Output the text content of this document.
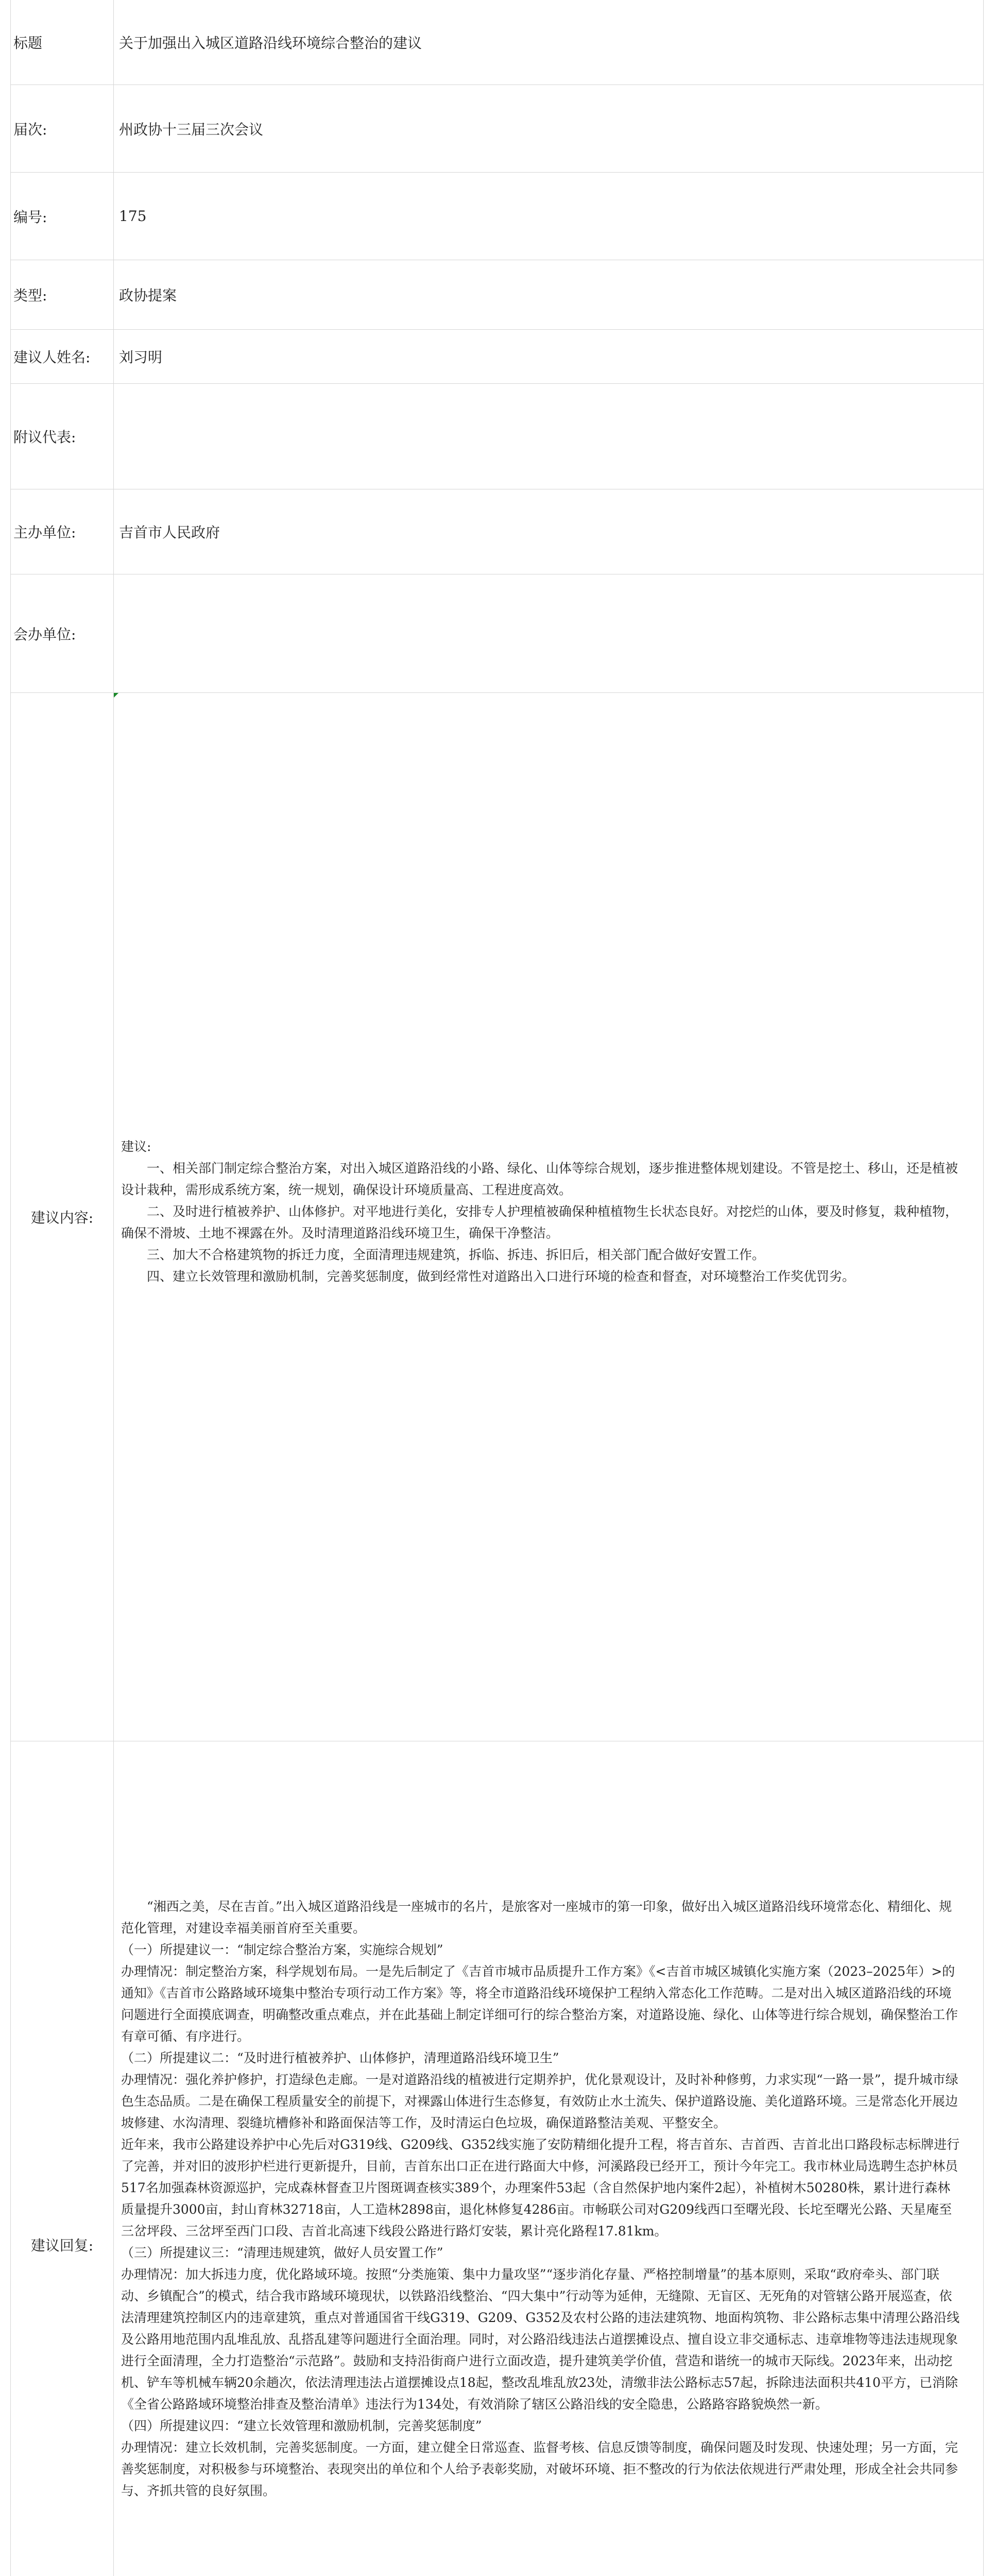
标题	关于加强出入城区道路沿线环境综合整治的建议
届次:	州政协十三届三次会议
编号:	175
类型:	政协提案
建议人姓名:	刘习明
附议代表:
主办单位:	吉首市人民政府
会办单位:
建议内容:

建议:

一、相关部门制定综合整治方案，对出入城区道路沿线的小路、绿化、山体等综合规划，逐步推进整体规划建设。不管是挖土、移山，还是植被设计栽种，需形成系统方案，统一规划，确保设计环境质量高、工程进度高效。

二、及时进行植被养护、山体修护。对平地进行美化，安排专人护理植被确保种植植物生长状态良好。对挖烂的山体，要及时修复，栽种植物，确保不滑坡、土地不裸露在外。及时清理道路沿线环境卫生，确保干净整洁。

三、加大不合格建筑物的拆迁力度，全面清理违规建筑，拆临、拆违、拆旧后，相关部门配合做好安置工作。

四、建立长效管理和激励机制，完善奖惩制度，做到经常性对道路出入口进行环境的检查和督查，对环境整治工作奖优罚劣。

建议回复:

“湘西之美，尽在吉首。”出入城区道路沿线是一座城市的名片，是旅客对一座城市的第一印象，做好出入城区道路沿线环境常态化、精细化、规范化管理，对建设幸福美丽首府至关重要。

（一）所提建议一：“制定综合整治方案，实施综合规划”

办理情况：制定整治方案，科学规划布局。一是先后制定了《吉首市城市品质提升工作方案》《<吉首市城区城镇化实施方案（2023–2025年）>的通知》《吉首市公路路域环境集中整治专项行动工作方案》等，将全市道路沿线环境保护工程纳入常态化工作范畴。二是对出入城区道路沿线的环境问题进行全面摸底调查，明确整改重点难点，并在此基础上制定详细可行的综合整治方案，对道路设施、绿化、山体等进行综合规划，确保整治工作有章可循、有序进行。

（二）所提建议二：“及时进行植被养护、山体修护，清理道路沿线环境卫生”

办理情况：强化养护修护，打造绿色走廊。一是对道路沿线的植被进行定期养护，优化景观设计，及时补种修剪，力求实现“一路一景”，提升城市绿色生态品质。二是在确保工程质量安全的前提下，对裸露山体进行生态修复，有效防止水土流失、保护道路设施、美化道路环境。三是常态化开展边坡修建、水沟清理、裂缝坑槽修补和路面保洁等工作，及时清运白色垃圾，确保道路整洁美观、平整安全。

近年来，我市公路建设养护中心先后对G319线、G209线、G352线实施了安防精细化提升工程，将吉首东、吉首西、吉首北出口路段标志标牌进行了完善，并对旧的波形护栏进行更新提升，目前，吉首东出口正在进行路面大中修，河溪路段已经开工，预计今年完工。我市林业局选聘生态护林员517名加强森林资源巡护，完成森林督查卫片图斑调查核实389个，办理案件53起（含自然保护地内案件2起），补植树木50280株，累计进行森林质量提升3000亩，封山育林32718亩，人工造林2898亩，退化林修复4286亩。市畅联公司对G209线西口至曙光段、长坨至曙光公路、天星庵至三岔坪段、三岔坪至西门口段、吉首北高速下线段公路进行路灯安装，累计亮化路程17.81km。

（三）所提建议三：“清理违规建筑，做好人员安置工作”

办理情况：加大拆违力度，优化路域环境。按照“分类施策、集中力量攻坚”“逐步消化存量、严格控制增量”的基本原则，采取“政府牵头、部门联动、乡镇配合”的模式，结合我市路域环境现状，以铁路沿线整治、“四大集中”行动等为延伸，无缝隙、无盲区、无死角的对管辖公路开展巡查，依法清理建筑控制区内的违章建筑，重点对普通国省干线G319、G209、G352及农村公路的违法建筑物、地面构筑物、非公路标志集中清理公路沿线及公路用地范围内乱堆乱放、乱搭乱建等问题进行全面治理。同时，对公路沿线违法占道摆摊设点、擅自设立非交通标志、违章堆物等违法违规现象进行全面清理，全力打造整治“示范路”。鼓励和支持沿街商户进行立面改造，提升建筑美学价值，营造和谐统一的城市天际线。2023年来，出动挖机、铲车等机械车辆20余趟次，依法清理违法占道摆摊设点18起，整改乱堆乱放23处，清缴非法公路标志57起，拆除违法面积共410平方，已消除《全省公路路域环境整治排查及整治清单》违法行为134处，有效消除了辖区公路沿线的安全隐患，公路路容路貌焕然一新。

（四）所提建议四：“建立长效管理和激励机制，完善奖惩制度”

办理情况：建立长效机制，完善奖惩制度。一方面，建立健全日常巡查、监督考核、信息反馈等制度，确保问题及时发现、快速处理；另一方面，完善奖惩制度，对积极参与环境整治、表现突出的单位和个人给予表彰奖励，对破坏环境、拒不整改的行为依法依规进行严肃处理，形成全社会共同参与、齐抓共管的良好氛围。
